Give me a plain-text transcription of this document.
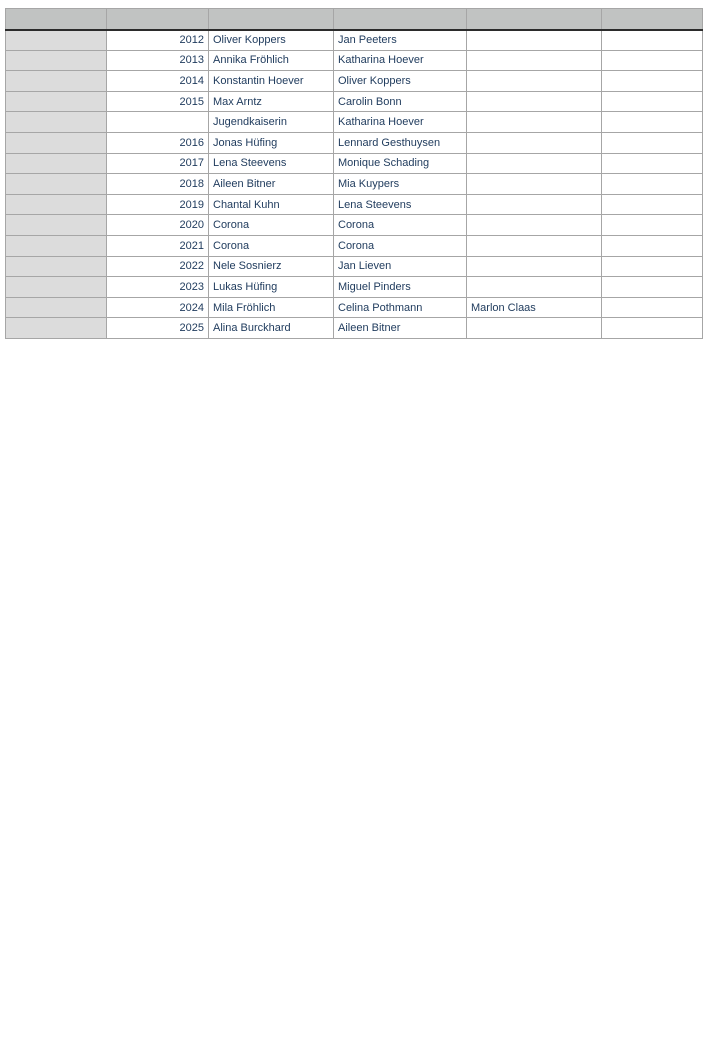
	2012	Oliver Koppers	Jan Peeters		
	2013	Annika Fröhlich	Katharina Hoever		
	2014	Konstantin Hoever	Oliver Koppers		
	2015	Max Arntz	Carolin Bonn		
		Jugendkaiserin	Katharina Hoever		
	2016	Jonas Hüfing	Lennard Gesthuysen		
	2017	Lena Steevens	Monique Schading		
	2018	Aileen Bitner	Mia Kuypers		
	2019	Chantal Kuhn	Lena Steevens		
	2020	Corona	Corona		
	2021	Corona	Corona		
	2022	Nele Sosnierz	Jan Lieven		
	2023	Lukas Hüfing	Miguel Pinders		
	2024	Mila Fröhlich	Celina Pothmann	Marlon Claas	
	2025	Alina Burckhard	Aileen Bitner		
